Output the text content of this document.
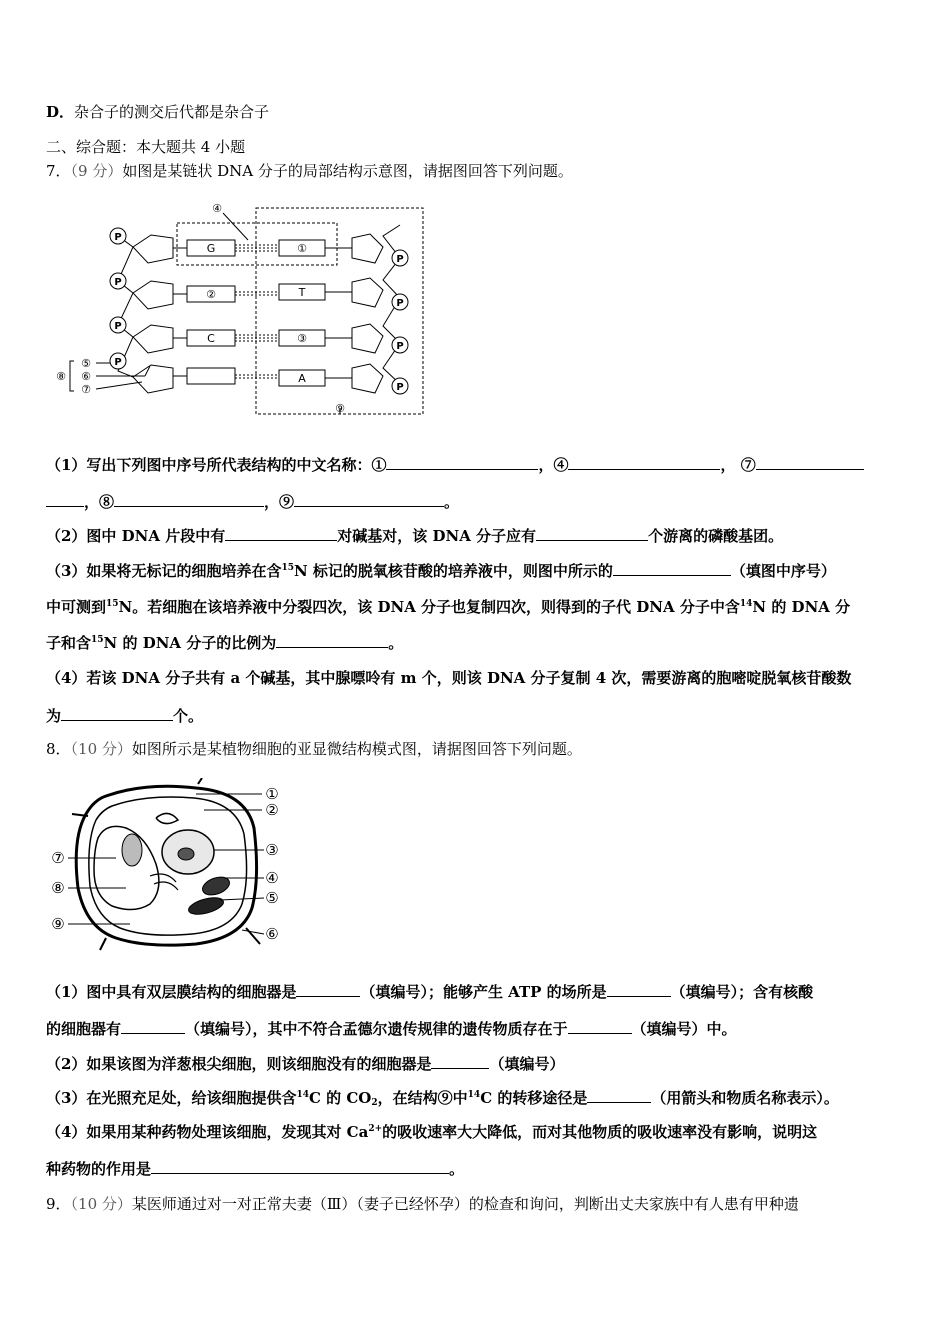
D．杂合子的测交后代都是杂合子
二、综合题：本大题共 4 小题
7．（9 分）如图是某链状 DNA 分子的局部结构示意图，请据图回答下列问题。
P
P
P
P
P
P
P
P
G
②
C
①
T
③
A
④
⑤
⑥
⑦
⑧
⑨
（1）写出下列图中序号所代表结构的中文名称：①	，④	， ⑦
，⑧	，⑨	。
（2）图中 DNA 片段中有	对碱基对，该 DNA 分子应有	个游离的磷酸基团。
（3）如果将无标记的细胞培养在含$^{15}$N 标记的脱氧核苷酸的培养液中，则图中所示的	（填图中序号）
中可测到$^{15}$N。若细胞在该培养液中分裂四次，该 DNA 分子也复制四次，则得到的子代 DNA 分子中含$^{14}$N 的 DNA 分
子和含$^{15}$N 的 DNA 分子的比例为	。
（4）若该 DNA 分子共有 a 个碱基，其中腺嘌呤有 m 个，则该 DNA 分子复制 4 次，需要游离的胞嘧啶脱氧核苷酸数
为	个。
8．（10 分）如图所示是某植物细胞的亚显微结构模式图，请据图回答下列问题。
①
②
③
④
⑤
⑥
⑦
⑧
⑨
（1）图中具有双层膜结构的细胞器是	（填编号）；能够产生 ATP 的场所是	（填编号）；含有核酸
的细胞器有	（填编号），其中不符合孟德尔遗传规律的遗传物质存在于	（填编号）中。
（2）如果该图为洋葱根尖细胞，则该细胞没有的细胞器是	（填编号）
（3）在光照充足处，给该细胞提供含$^{14}$C 的 $CO_2$，在结构⑨中$^{14}$C 的转移途径是	（用箭头和物质名称表示）。
（4）如果用某种药物处理该细胞，发现其对 $Ca^{2+}$的吸收速率大大降低，而对其他物质的吸收速率没有影响，说明这
种药物的作用是	。
9．（10 分）某医师通过对一对正常夫妻（Ⅲ）（妻子已经怀孕）的检查和询问，判断出丈夫家族中有人患有甲种遗
